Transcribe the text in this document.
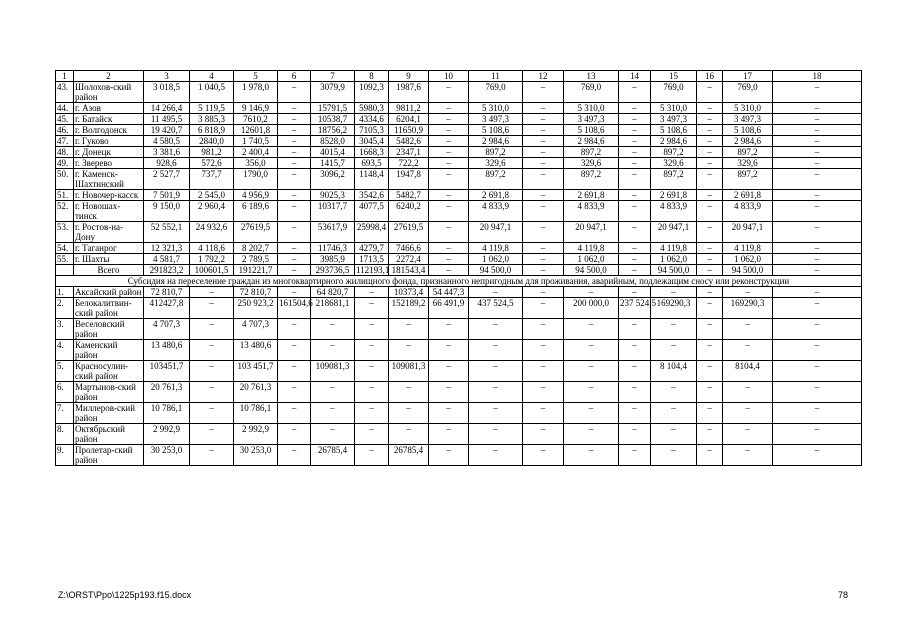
1	2	3	4	5	6	7	8	9	10	11	12	13	14	15	16	17	18
43.	Шолохов-ский район	3 018,5	1 040,5	1 978,0	–	3079,9	1092,3	1987,6	–	769,0	–	769,0	–	769,0	–	769,0	–
44.	г. Азов	14 266,4	5 119,5	9 146,9	–	15791,5	5980,3	9811,2	–	5 310,0	–	5 310,0	–	5 310,0	–	5 310,0	–
45.	г. Батайск	11 495,5	3 885,3	7610,2	–	10538,7	4334,6	6204,1	–	3 497,3	–	3 497,3	–	3 497,3	–	3 497,3	–
46.	г. Волгодонск	19 420,7	6 818,9	12601,8	–	18756,2	7105,3	11650,9	–	5 108,6	–	5 108,6	–	5 108,6	–	5 108,6	–
47.	г. Гуково	4 580,5	2840,0	1 740,5	–	8528,0	3045,4	5482,6	–	2 984,6	–	2 984,6	–	2 984,6	–	2 984,6	–
48.	г. Донецк	3 381,6	981,2	2 400,4	–	4015,4	1668,3	2347,1	–	897,2	–	897,2	–	897,2	–	897,2	–
49.	г. Зверево	928,6	572,6	356,0	–	1415,7	693,5	722,2	–	329,6	–	329,6	–	329,6	–	329,6	–
50.	г. Каменск-Шахтинский	2 527,7	737,7	1790,0	–	3096,2	1148,4	1947,8	–	897,2	–	897,2	–	897,2	–	897,2	–
51.	г. Новочер-касск	7 501,9	2 545,0	4 956,9	–	9025,3	3542,6	5482,7	–	2 691,8	–	2 691,8	–	2 691,8	–	2 691,8	–
52.	г. Новошах-тинск	9 150,0	2 960,4	6 189,6	–	10317,7	4077,5	6240,2	–	4 833,9	–	4 833,9	–	4 833,9	–	4 833,9	–
53.	г. Ростов-на-Дону	52 552,1	24 932,6	27619,5	–	53617,9	25998,4	27619,5	–	20 947,1	–	20 947,1	–	20 947,1	–	20 947,1	–
54.	г. Таганрог	12 321,3	4 118,6	8 202,7	–	11746,3	4279,7	7466,6	–	4 119,8	–	4 119,8	–	4 119,8	–	4 119,8	–
55.	г. Шахты	4 581,7	1 792,2	2 789,5	–	3985,9	1713,5	2272,4	–	1 062,0	–	1 062,0	–	1 062,0	–	1 062,0	–
	Всего	291823,2	100601,5	191221,7	–	293736,5	112193,1	181543,4	–	94 500,0	–	94 500,0	–	94 500,0	–	94 500,0	–
Субсидия на переселение граждан из многоквартирного жилищного фонда, признанного непригодным для проживания, аварийным, подлежащим сносу или реконструкции																	
1.	Аксайский район	72 810,7	–	72 810,7	–	64 820,7	–	10373,4	54 447,3	–	–	–	–	–	–	–	–
2.	Белокалитвин-ский район	412427,8	–	250 923,2	161504,6	218681,1	–	152189,2	66 491,9	437 524,5	–	200 000,0	237 524,5	169290,3	–	169290,3	–
3.	Веселовский район	4 707,3	–	4 707,3	–	–	–	–	–	–	–	–	–	–	–	–	–
4.	Каменский район	13 480,6	–	13 480,6	–	–	–	–	–	–	–	–	–	–	–	–	–
5.	Красносулин-ский район	103451,7	–	103 451,7	–	109081,3	–	109081,3	–	–	–	–	–	8 104,4	–	8104,4	–
6.	Мартынов-ский район	20 761,3	–	20 761,3	–	–	–	–	–	–	–	–	–	–	–	–	–
7.	Миллеров-ский район	10 786,1	–	10 786,1	–	–	–	–	–	–	–	–	–	–	–	–	–
8.	Октябрьский район	2 992,9	–	2 992,9	–	–	–	–	–	–	–	–	–	–	–	–	–
9.	Пролетар-ский район	30 253,0	–	30 253,0	–	26785,4	–	26785,4	–	–	–	–	–	–	–	–	–
Z:\ORST\Ppo\1225p193.f15.docx	78
